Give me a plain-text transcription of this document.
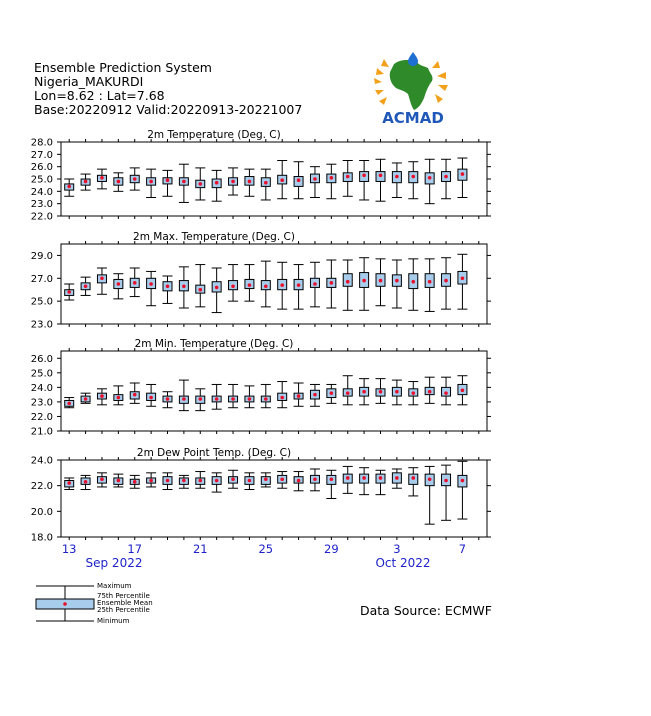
Ensemble Prediction System
Nigeria_MAKURDI
Lon=8.62 : Lat=7.68
Base:20220912 Valid:20220913-20221007	ACMAD
2m Temperature (Deg. C)
28.0
27.0
26.0
25.0
24.0
23.0
22.0
2m Max. Temperature (Deg. C)
29.0
27.0
25.0
23.0
2m Min. Temperature (Deg. C)
26.0
25.0
24.0
23.0
22.0
21.0
2m Dew Point Temp. (Deg. C)
24.0
22.0
20.0
18.0
13	17	21	25	29	3	7
Sep 2022	Oct 2022
Maximum
75th Percentile
Ensemble Mean
25th Percentile
Minimum
Data Source: ECMWF
